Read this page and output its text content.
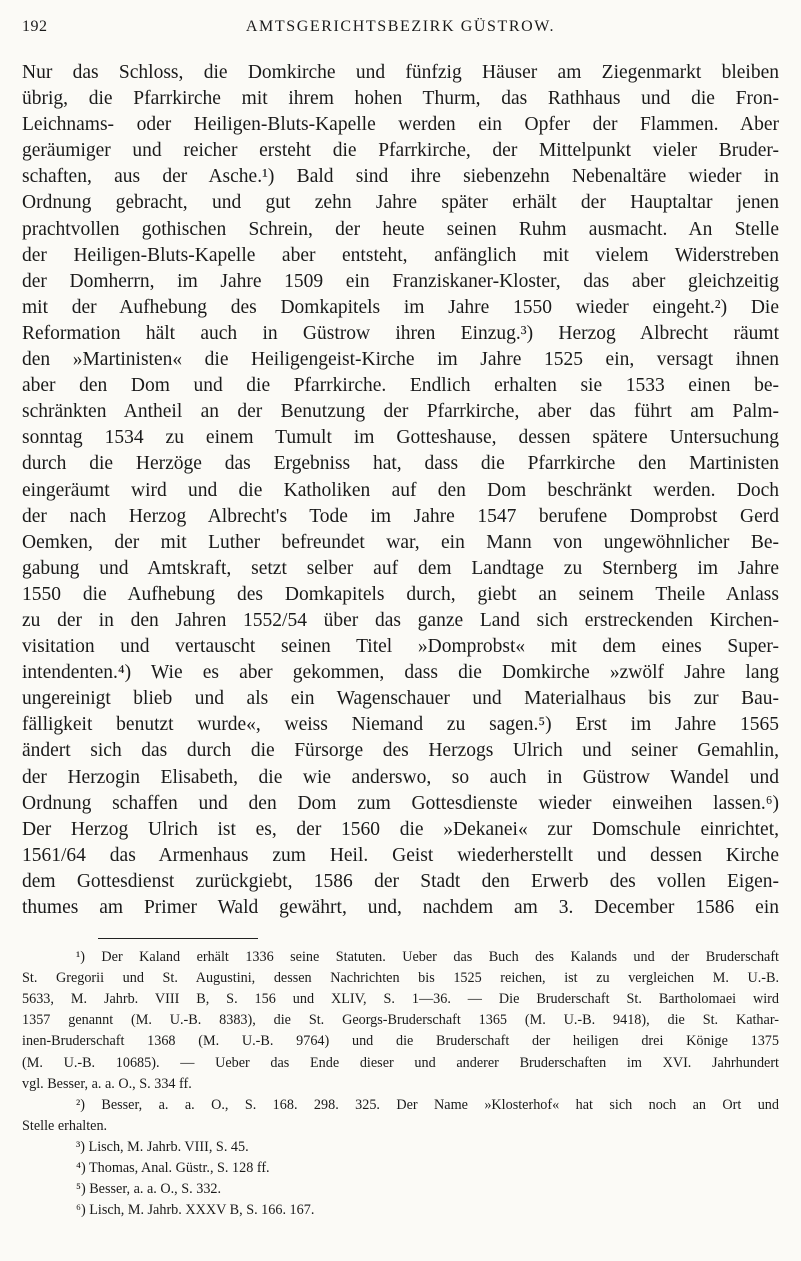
192	AMTSGERICHTSBEZIRK GÜSTROW.
Nur das Schloss, die Domkirche und fünfzig Häuser am Ziegenmarkt bleiben
übrig, die Pfarrkirche mit ihrem hohen Thurm, das Rathhaus und die Fron-
Leichnams- oder Heiligen-Bluts-Kapelle werden ein Opfer der Flammen. Aber
geräumiger und reicher ersteht die Pfarrkirche, der Mittelpunkt vieler Bruder-
schaften, aus der Asche.¹) Bald sind ihre siebenzehn Nebenaltäre wieder in
Ordnung gebracht, und gut zehn Jahre später erhält der Hauptaltar jenen
prachtvollen gothischen Schrein, der heute seinen Ruhm ausmacht. An Stelle
der Heiligen-Bluts-Kapelle aber entsteht, anfänglich mit vielem Widerstreben
der Domherrn, im Jahre 1509 ein Franziskaner-Kloster, das aber gleichzeitig
mit der Aufhebung des Domkapitels im Jahre 1550 wieder eingeht.²) Die
Reformation hält auch in Güstrow ihren Einzug.³) Herzog Albrecht räumt
den »Martinisten« die Heiligengeist-Kirche im Jahre 1525 ein, versagt ihnen
aber den Dom und die Pfarrkirche. Endlich erhalten sie 1533 einen be-
schränkten Antheil an der Benutzung der Pfarrkirche, aber das führt am Palm-
sonntag 1534 zu einem Tumult im Gotteshause, dessen spätere Untersuchung
durch die Herzöge das Ergebniss hat, dass die Pfarrkirche den Martinisten
eingeräumt wird und die Katholiken auf den Dom beschränkt werden. Doch
der nach Herzog Albrecht's Tode im Jahre 1547 berufene Domprobst Gerd
Oemken, der mit Luther befreundet war, ein Mann von ungewöhnlicher Be-
gabung und Amtskraft, setzt selber auf dem Landtage zu Sternberg im Jahre
1550 die Aufhebung des Domkapitels durch, giebt an seinem Theile Anlass
zu der in den Jahren 1552/54 über das ganze Land sich erstreckenden Kirchen-
visitation und vertauscht seinen Titel »Domprobst« mit dem eines Super-
intendenten.⁴) Wie es aber gekommen, dass die Domkirche »zwölf Jahre lang
ungereinigt blieb und als ein Wagenschauer und Materialhaus bis zur Bau-
fälligkeit benutzt wurde«, weiss Niemand zu sagen.⁵) Erst im Jahre 1565
ändert sich das durch die Fürsorge des Herzogs Ulrich und seiner Gemahlin,
der Herzogin Elisabeth, die wie anderswo, so auch in Güstrow Wandel und
Ordnung schaffen und den Dom zum Gottesdienste wieder einweihen lassen.⁶)
Der Herzog Ulrich ist es, der 1560 die »Dekanei« zur Domschule einrichtet,
1561/64 das Armenhaus zum Heil. Geist wiederherstellt und dessen Kirche
dem Gottesdienst zurückgiebt, 1586 der Stadt den Erwerb des vollen Eigen-
thumes am Primer Wald gewährt, und, nachdem am 3. December 1586 ein
¹) Der Kaland erhält 1336 seine Statuten. Ueber das Buch des Kalands und der Bruderschaft
St. Gregorii und St. Augustini, dessen Nachrichten bis 1525 reichen, ist zu vergleichen M. U.-B.
5633, M. Jahrb. VIII B, S. 156 und XLIV, S. 1—36. — Die Bruderschaft St. Bartholomaei wird
1357 genannt (M. U.-B. 8383), die St. Georgs-Bruderschaft 1365 (M. U.-B. 9418), die St. Kathar-
inen-Bruderschaft 1368 (M. U.-B. 9764) und die Bruderschaft der heiligen drei Könige 1375
(M. U.-B. 10685). — Ueber das Ende dieser und anderer Bruderschaften im XVI. Jahrhundert
vgl. Besser, a. a. O., S. 334 ff.
²) Besser, a. a. O., S. 168. 298. 325. Der Name »Klosterhof« hat sich noch an Ort und
Stelle erhalten.
³) Lisch, M. Jahrb. VIII, S. 45.
⁴) Thomas, Anal. Güstr., S. 128 ff.
⁵) Besser, a. a. O., S. 332.
⁶) Lisch, M. Jahrb. XXXV B, S. 166. 167.
